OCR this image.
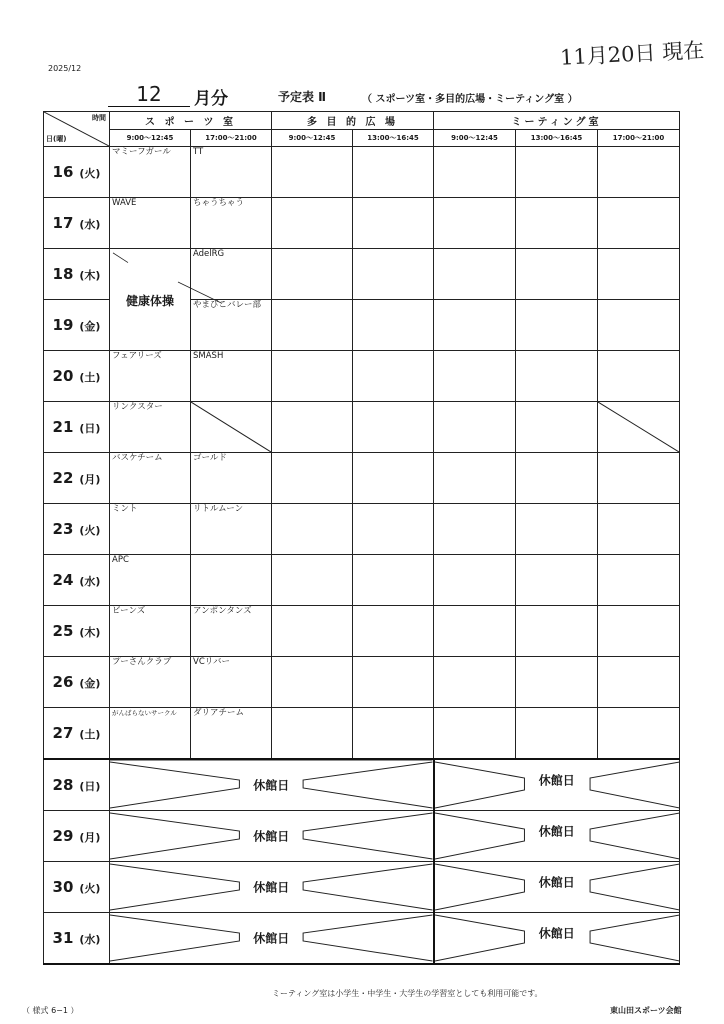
2025/12	11月20日 現在
12	月分	予定表 Ⅱ	（ スポーツ室・多目的広場・ミーティング室 ）
時間
日(曜)	ス ポ ー ツ 室		多 目 的 広 場		ミーティング室		
	9:00～12:45	17:00～21:00	9:00～12:45	13:00～16:45	9:00～12:45	13:00～16:45	17:00～21:00
16 (火)	マミーフガール	TT					
17 (水)	WAVE	ちゃうちゃう					
18 (木)	健康体操	AdelRG					
19 (金)		やまびこバレー部					
20 (土)	フェアリーズ	SMASH					
21 (日)	リンクスター	

22 (月)	バスケチーム	ゴールド					
23 (火)	ミント	リトルムーン					
24 (水)	APC						
25 (木)	ビーンズ	アンポンタンズ					
26 (金)	プーさんクラブ	VCリバー					
27 (土)	がんばらないサークル	ダリアチーム					
28 (日)	休館日				休館日		

29 (月)	休館日				休館日		

30 (火)	休館日				休館日		

31 (水)	休館日				休館日		
ミーティング室は小学生・中学生・大学生の学習室としても利用可能です。
（ 様式 6−1 ）	東山田スポーツ会館
